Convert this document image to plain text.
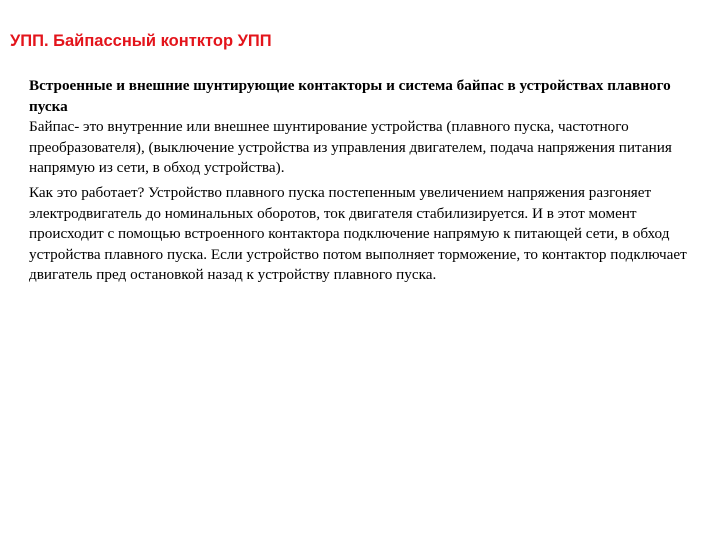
УПП. Байпассный контктор УПП

Встроенные и внешние шунтирующие контакторы и система байпас в устройствах плавного пуска

Байпас- это внутренние или внешнее шунтирование устройства (плавного пуска, частотного преобразователя), (выключение устройства из управления двигателем, подача напряжения питания напрямую из сети, в обход устройства).

Как это работает? Устройство плавного пуска постепенным увеличением напряжения разгоняет электродвигатель до номинальных оборотов, ток двигателя стабилизируется. И в этот момент происходит с помощью встроенного контактора подключение напрямую к питающей сети, в обход устройства плавного пуска. Если устройство потом выполняет торможение, то контактор подключает двигатель пред остановкой назад к устройству плавного пуска.
